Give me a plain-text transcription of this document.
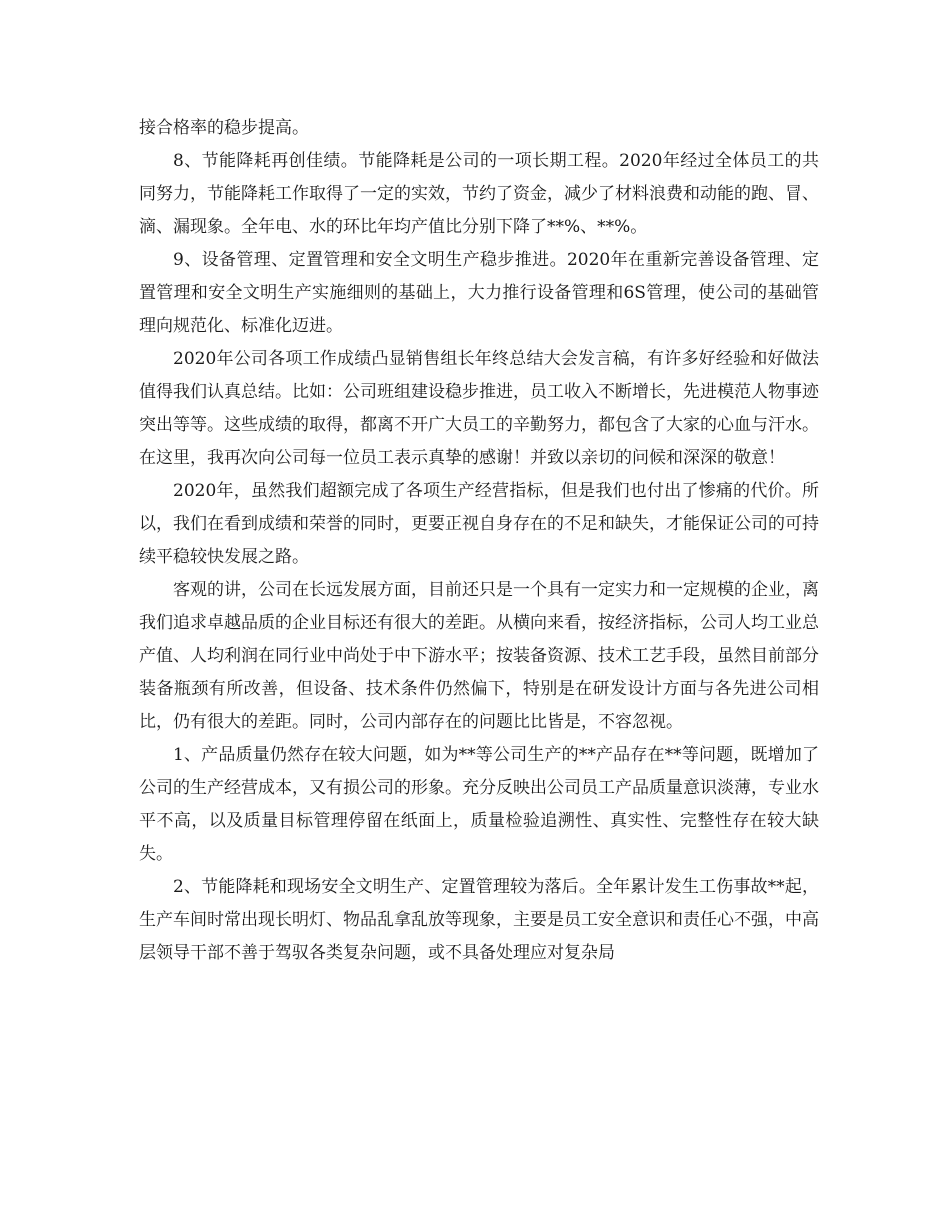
接合格率的稳步提高。

8、节能降耗再创佳绩。节能降耗是公司的一项长期工程。2020年经过全体员工的共同努力，节能降耗工作取得了一定的实效，节约了资金，减少了材料浪费和动能的跑、冒、滴、漏现象。全年电、水的环比年均产值比分别下降了**%、**%。

9、设备管理、定置管理和安全文明生产稳步推进。2020年在重新完善设备管理、定置管理和安全文明生产实施细则的基础上，大力推行设备管理和6S管理，使公司的基础管理向规范化、标准化迈进。

2020年公司各项工作成绩凸显销售组长年终总结大会发言稿，有许多好经验和好做法值得我们认真总结。比如：公司班组建设稳步推进，员工收入不断增长，先进模范人物事迹突出等等。这些成绩的取得，都离不开广大员工的辛勤努力，都包含了大家的心血与汗水。在这里，我再次向公司每一位员工表示真挚的感谢！并致以亲切的问候和深深的敬意！

2020年，虽然我们超额完成了各项生产经营指标，但是我们也付出了惨痛的代价。所以，我们在看到成绩和荣誉的同时，更要正视自身存在的不足和缺失，才能保证公司的可持续平稳较快发展之路。

客观的讲，公司在长远发展方面，目前还只是一个具有一定实力和一定规模的企业，离我们追求卓越品质的企业目标还有很大的差距。从横向来看，按经济指标，公司人均工业总产值、人均利润在同行业中尚处于中下游水平；按装备资源、技术工艺手段，虽然目前部分装备瓶颈有所改善，但设备、技术条件仍然偏下，特别是在研发设计方面与各先进公司相比，仍有很大的差距。同时，公司内部存在的问题比比皆是，不容忽视。

1、产品质量仍然存在较大问题，如为**等公司生产的**产品存在**等问题，既增加了公司的生产经营成本，又有损公司的形象。充分反映出公司员工产品质量意识淡薄，专业水平不高，以及质量目标管理停留在纸面上，质量检验追溯性、真实性、完整性存在较大缺失。

2、节能降耗和现场安全文明生产、定置管理较为落后。全年累计发生工伤事故**起，生产车间时常出现长明灯、物品乱拿乱放等现象，主要是员工安全意识和责任心不强，中高层领导干部不善于驾驭各类复杂问题，或不具备处理应对复杂局
